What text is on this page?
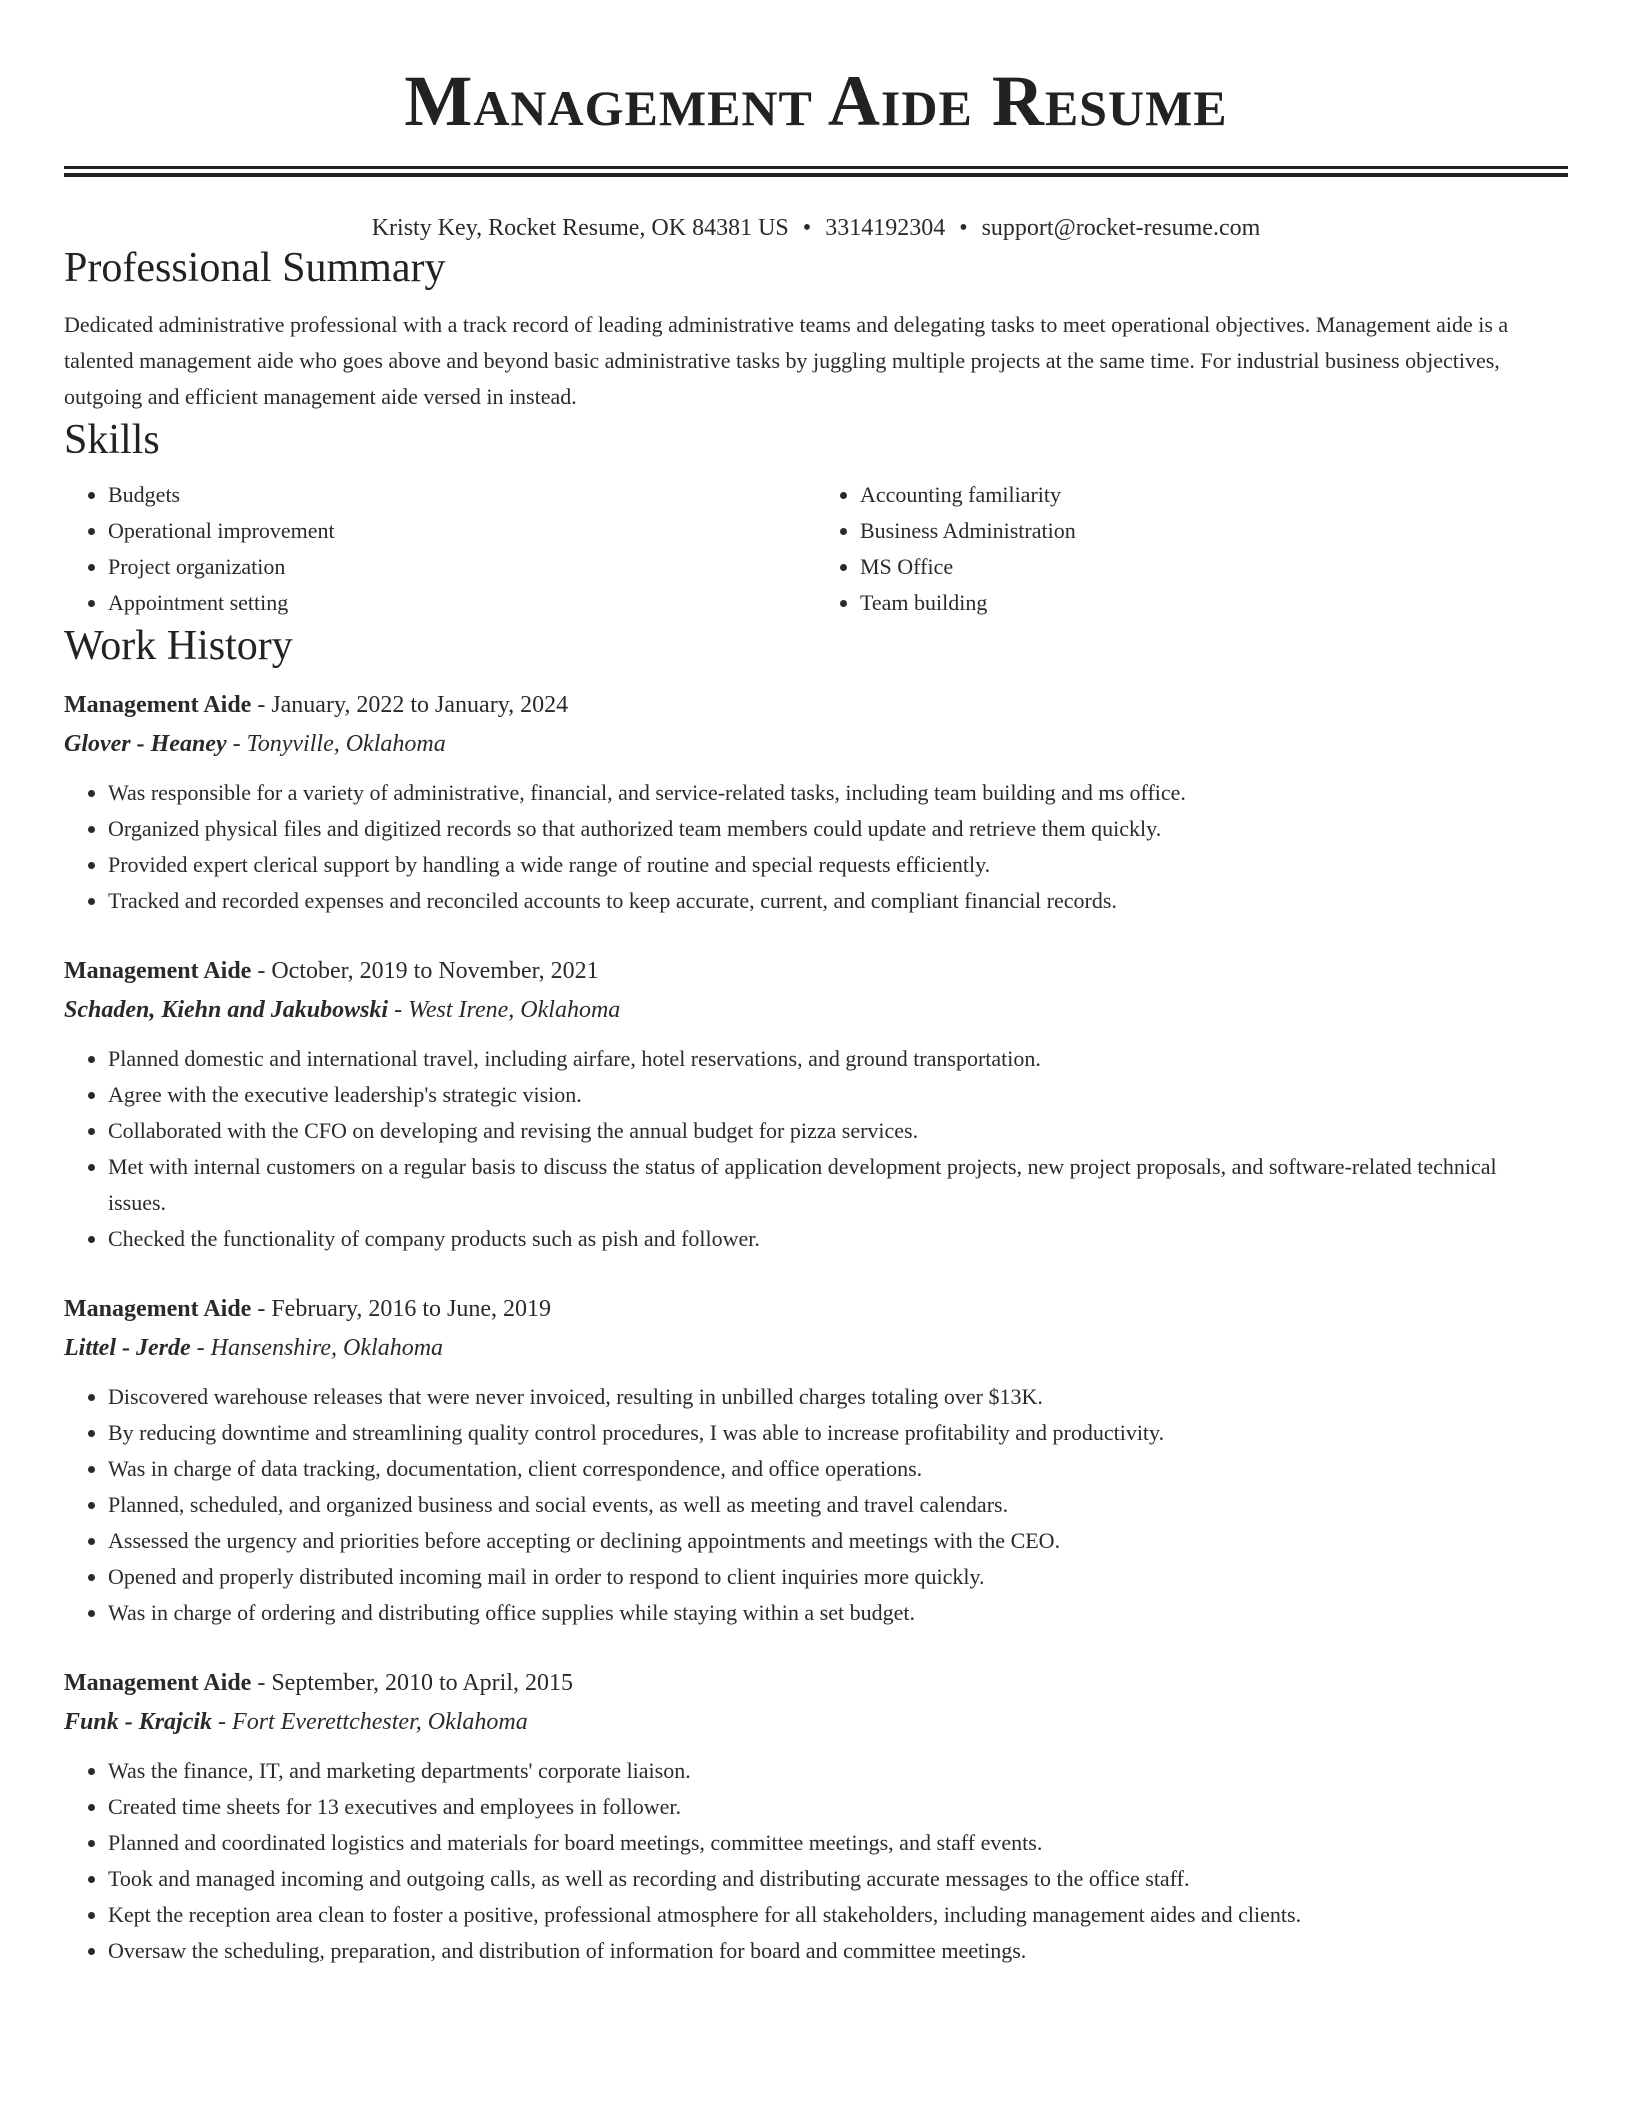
Management Aide Resume
Kristy Key, Rocket Resume, OK 84381 US • 3314192304 • support@rocket-resume.com
Professional Summary
Dedicated administrative professional with a track record of leading administrative teams and delegating tasks to meet operational objectives. Management aide is a talented management aide who goes above and beyond basic administrative tasks by juggling multiple projects at the same time. For industrial business objectives, outgoing and efficient management aide versed in instead.
Skills
• Budgets
• Operational improvement
• Project organization
• Appointment setting
• Accounting familiarity
• Business Administration
• MS Office
• Team building
Work History
Management Aide - January, 2022 to January, 2024
Glover - Heaney - Tonyville, Oklahoma
• Was responsible for a variety of administrative, financial, and service-related tasks, including team building and ms office.
• Organized physical files and digitized records so that authorized team members could update and retrieve them quickly.
• Provided expert clerical support by handling a wide range of routine and special requests efficiently.
• Tracked and recorded expenses and reconciled accounts to keep accurate, current, and compliant financial records.
Management Aide - October, 2019 to November, 2021
Schaden, Kiehn and Jakubowski - West Irene, Oklahoma
• Planned domestic and international travel, including airfare, hotel reservations, and ground transportation.
• Agree with the executive leadership's strategic vision.
• Collaborated with the CFO on developing and revising the annual budget for pizza services.
• Met with internal customers on a regular basis to discuss the status of application development projects, new project proposals, and software-related technical issues.
• Checked the functionality of company products such as pish and follower.
Management Aide - February, 2016 to June, 2019
Littel - Jerde - Hansenshire, Oklahoma
• Discovered warehouse releases that were never invoiced, resulting in unbilled charges totaling over $13K.
• By reducing downtime and streamlining quality control procedures, I was able to increase profitability and productivity.
• Was in charge of data tracking, documentation, client correspondence, and office operations.
• Planned, scheduled, and organized business and social events, as well as meeting and travel calendars.
• Assessed the urgency and priorities before accepting or declining appointments and meetings with the CEO.
• Opened and properly distributed incoming mail in order to respond to client inquiries more quickly.
• Was in charge of ordering and distributing office supplies while staying within a set budget.
Management Aide - September, 2010 to April, 2015
Funk - Krajcik - Fort Everettchester, Oklahoma
• Was the finance, IT, and marketing departments' corporate liaison.
• Created time sheets for 13 executives and employees in follower.
• Planned and coordinated logistics and materials for board meetings, committee meetings, and staff events.
• Took and managed incoming and outgoing calls, as well as recording and distributing accurate messages to the office staff.
• Kept the reception area clean to foster a positive, professional atmosphere for all stakeholders, including management aides and clients.
• Oversaw the scheduling, preparation, and distribution of information for board and committee meetings.
